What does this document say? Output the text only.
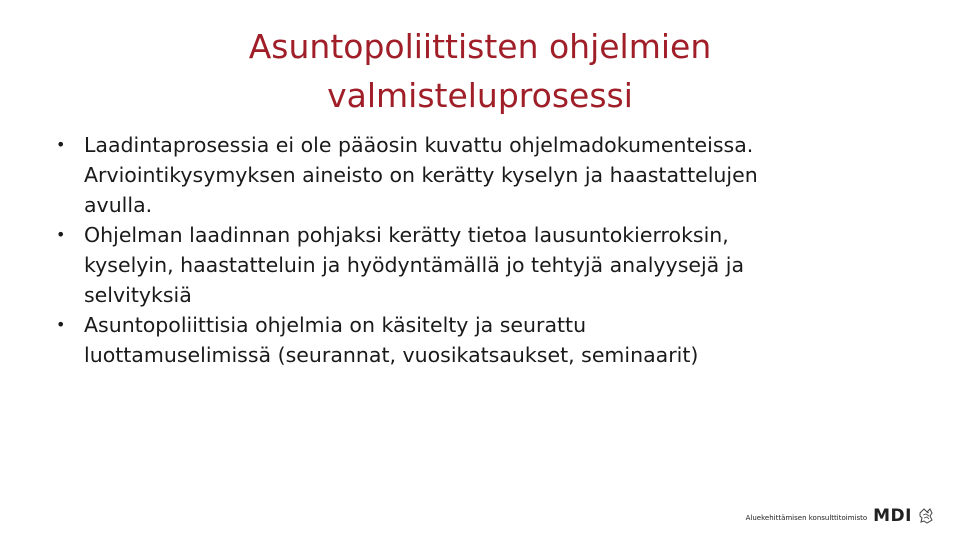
Asuntopoliittisten ohjelmien
valmisteluprosessi
• Laadintaprosessia ei ole pääosin kuvattu ohjelmadokumenteissa.
Arviointikysymyksen aineisto on kerätty kyselyn ja haastattelujen
avulla.
• Ohjelman laadinnan pohjaksi kerätty tietoa lausuntokierroksin,
kyselyin, haastatteluin ja hyödyntämällä jo tehtyjä analyysejä ja
selvityksiä
• Asuntopoliittisia ohjelmia on käsitelty ja seurattu
luottamuselimissä (seurannat, vuosikatsaukset, seminaarit)
Aluekehittämisen konsulttitoimisto MDI
